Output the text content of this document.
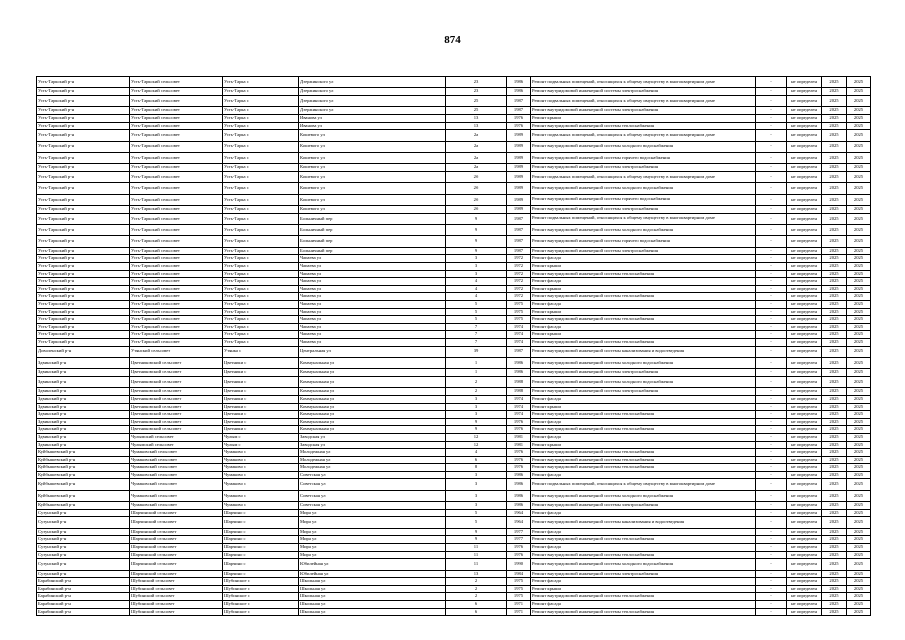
874
Усть-Таркский р-н	Усть-Таркский сельсовет	Усть-Тарка с	Дзержинского ул	23	1986	Ремонт подвальных помещений, относящихся к общему имуществу в многоквартирном доме	-	не определен	2025	2025
Усть-Таркский р-н	Усть-Таркский сельсовет	Усть-Тарка с	Дзержинского ул	23	1986	Ремонт внутридомовой инженерной системы электроснабжения	-	не определен	2025	2025
Усть-Таркский р-н	Усть-Таркский сельсовет	Усть-Тарка с	Дзержинского ул	25	1987	Ремонт подвальных помещений, относящихся к общему имуществу в многоквартирном доме	-	не определен	2025	2025
Усть-Таркский р-н	Усть-Таркский сельсовет	Усть-Тарка с	Дзержинского ул	25	1987	Ремонт внутридомовой инженерной системы электроснабжения	-	не определен	2025	2025
Усть-Таркский р-н	Усть-Таркский сельсовет	Усть-Тарка с	Иванова ул	13	1976	Ремонт крыши	-	не определен	2025	2025
Усть-Таркский р-н	Усть-Таркский сельсовет	Усть-Тарка с	Иванова ул	13	1976	Ремонт внутридомовой инженерной системы теплоснабжения	-	не определен	2025	2025
Усть-Таркский р-н	Усть-Таркский сельсовет	Усть-Тарка с	Кошевого ул	2а	1989	Ремонт подвальных помещений, относящихся к общему имуществу в многоквартирном доме	-	не определен	2025	2025
Усть-Таркский р-н	Усть-Таркский сельсовет	Усть-Тарка с	Кошевого ул	2а	1989	Ремонт внутридомовой инженерной системы холодного водоснабжения	-	не определен	2025	2025
Усть-Таркский р-н	Усть-Таркский сельсовет	Усть-Тарка с	Кошевого ул	2а	1989	Ремонт внутридомовой инженерной системы горячего водоснабжения	-	не определен	2025	2025
Усть-Таркский р-н	Усть-Таркский сельсовет	Усть-Тарка с	Кошевого ул	2а	1989	Ремонт внутридомовой инженерной системы электроснабжения	-	не определен	2025	2025
Усть-Таркский р-н	Усть-Таркский сельсовет	Усть-Тарка с	Кошевого ул	2б	1989	Ремонт подвальных помещений, относящихся к общему имуществу в многоквартирном доме	-	не определен	2025	2025
Усть-Таркский р-н	Усть-Таркский сельсовет	Усть-Тарка с	Кошевого ул	2б	1989	Ремонт внутридомовой инженерной системы холодного водоснабжения	-	не определен	2025	2025
Усть-Таркский р-н	Усть-Таркский сельсовет	Усть-Тарка с	Кошевого ул	2б	1989	Ремонт внутридомовой инженерной системы горячего водоснабжения	-	не определен	2025	2025
Усть-Таркский р-н	Усть-Таркский сельсовет	Усть-Тарка с	Кошевого ул	2б	1989	Ремонт внутридомовой инженерной системы электроснабжения	-	не определен	2025	2025
Усть-Таркский р-н	Усть-Таркский сельсовет	Усть-Тарка с	Больничный пер	9	1987	Ремонт подвальных помещений, относящихся к общему имуществу в многоквартирном доме	-	не определен	2025	2025
Усть-Таркский р-н	Усть-Таркский сельсовет	Усть-Тарка с	Больничный пер	9	1987	Ремонт внутридомовой инженерной системы холодного водоснабжения	-	не определен	2025	2025
Усть-Таркский р-н	Усть-Таркский сельсовет	Усть-Тарка с	Больничный пер	9	1987	Ремонт внутридомовой инженерной системы горячего водоснабжения	-	не определен	2025	2025
Усть-Таркский р-н	Усть-Таркский сельсовет	Усть-Тарка с	Больничный пер	9	1987	Ремонт внутридомовой инженерной системы электроснабжения	-	не определен	2025	2025
Усть-Таркский р-н	Усть-Таркский сельсовет	Усть-Тарка с	Чапаева ул	3	1972	Ремонт фасада	-	не определен	2025	2025
Усть-Таркский р-н	Усть-Таркский сельсовет	Усть-Тарка с	Чапаева ул	3	1972	Ремонт крыши	-	не определен	2025	2025
Усть-Таркский р-н	Усть-Таркский сельсовет	Усть-Тарка с	Чапаева ул	3	1972	Ремонт внутридомовой инженерной системы теплоснабжения	-	не определен	2025	2025
Усть-Таркский р-н	Усть-Таркский сельсовет	Усть-Тарка с	Чапаева ул	4	1972	Ремонт фасада	-	не определен	2025	2025
Усть-Таркский р-н	Усть-Таркский сельсовет	Усть-Тарка с	Чапаева ул	4	1972	Ремонт крыши	-	не определен	2025	2025
Усть-Таркский р-н	Усть-Таркский сельсовет	Усть-Тарка с	Чапаева ул	4	1972	Ремонт внутридомовой инженерной системы теплоснабжения	-	не определен	2025	2025
Усть-Таркский р-н	Усть-Таркский сельсовет	Усть-Тарка с	Чапаева ул	5	1975	Ремонт фасада	-	не определен	2025	2025
Усть-Таркский р-н	Усть-Таркский сельсовет	Усть-Тарка с	Чапаева ул	5	1975	Ремонт крыши	-	не определен	2025	2025
Усть-Таркский р-н	Усть-Таркский сельсовет	Усть-Тарка с	Чапаева ул	5	1975	Ремонт внутридомовой инженерной системы теплоснабжения	-	не определен	2025	2025
Усть-Таркский р-н	Усть-Таркский сельсовет	Усть-Тарка с	Чапаева ул	7	1974	Ремонт фасада	-	не определен	2025	2025
Усть-Таркский р-н	Усть-Таркский сельсовет	Усть-Тарка с	Чапаева ул	7	1974	Ремонт крыши	-	не определен	2025	2025
Усть-Таркский р-н	Усть-Таркский сельсовет	Усть-Тарка с	Чапаева ул	7	1974	Ремонт внутридомовой инженерной системы теплоснабжения	-	не определен	2025	2025
Доволенский р-н	Утянский сельсовет	Утянка с	Центральная ул	39	1987	Ремонт внутридомовой инженерной системы канализования и водоотведения	-	не определен	2025	2025
Здвинский р-н	Цветниковский сельсовет	Цветники с	Коммунальная ул	1	1986	Ремонт внутридомовой инженерной системы холодного водоснабжения	-	не определен	2025	2025
Здвинский р-н	Цветниковский сельсовет	Цветники с	Коммунальная ул	1	1986	Ремонт внутридомовой инженерной системы электроснабжения	-	не определен	2025	2025
Здвинский р-н	Цветниковский сельсовет	Цветники с	Коммунальная ул	2	1988	Ремонт внутридомовой инженерной системы холодного водоснабжения	-	не определен	2025	2025
Здвинский р-н	Цветниковский сельсовет	Цветники с	Коммунальная ул	2	1988	Ремонт внутридомовой инженерной системы электроснабжения	-	не определен	2025	2025
Здвинский р-н	Цветниковский сельсовет	Цветники с	Коммунальная ул	3	1974	Ремонт фасада	-	не определен	2025	2025
Здвинский р-н	Цветниковский сельсовет	Цветники с	Коммунальная ул	3	1974	Ремонт крыши	-	не определен	2025	2025
Здвинский р-н	Цветниковский сельсовет	Цветники с	Коммунальная ул	3	1974	Ремонт внутридомовой инженерной системы теплоснабжения	-	не определен	2025	2025
Здвинский р-н	Цветниковский сельсовет	Цветники с	Коммунальная ул	9	1976	Ремонт фасада	-	не определен	2025	2025
Здвинский р-н	Цветниковский сельсовет	Цветники с	Коммунальная ул	9	1976	Ремонт внутридомовой инженерной системы теплоснабжения	-	не определен	2025	2025
Здвинский р-н	Чулымский сельсовет	Чулым с	Заводская ул	12	1981	Ремонт фасада	-	не определен	2025	2025
Здвинский р-н	Чулымский сельсовет	Чулым с	Заводская ул	12	1981	Ремонт крыши	-	не определен	2025	2025
Куйбышевский р-н	Чумаковский сельсовет	Чумаково с	Молодежная ул	4	1976	Ремонт внутридомовой инженерной системы теплоснабжения	-	не определен	2025	2025
Куйбышевский р-н	Чумаковский сельсовет	Чумаково с	Молодежная ул	6	1976	Ремонт внутридомовой инженерной системы теплоснабжения	-	не определен	2025	2025
Куйбышевский р-н	Чумаковский сельсовет	Чумаково с	Молодежная ул	8	1976	Ремонт внутридомовой инженерной системы теплоснабжения	-	не определен	2025	2025
Куйбышевский р-н	Чумаковский сельсовет	Чумаково с	Советская ул	3	1986	Ремонт фасада	-	не определен	2025	2025
Куйбышевский р-н	Чумаковский сельсовет	Чумаково с	Советская ул	3	1986	Ремонт подвальных помещений, относящихся к общему имуществу в многоквартирном доме	-	не определен	2025	2025
Куйбышевский р-н	Чумаковский сельсовет	Чумаково с	Советская ул	3	1986	Ремонт внутридомовой инженерной системы холодного водоснабжения	-	не определен	2025	2025
Куйбышевский р-н	Чумаковский сельсовет	Чумаково с	Советская ул	3	1986	Ремонт внутридомовой инженерной системы электроснабжения	-	не определен	2025	2025
Сузунский р-н	Шарчинский сельсовет	Шарчино с	Мира ул	5	1964	Ремонт фасада	-	не определен	2025	2025
Сузунский р-н	Шарчинский сельсовет	Шарчино с	Мира ул	5	1964	Ремонт внутридомовой инженерной системы канализования и водоотведения	-	не определен	2025	2025
Сузунский р-н	Шарчинский сельсовет	Шарчино с	Мира ул	9	1977	Ремонт фасада	-	не определен	2025	2025
Сузунский р-н	Шарчинский сельсовет	Шарчино с	Мира ул	9	1977	Ремонт внутридомовой инженерной системы теплоснабжения	-	не определен	2025	2025
Сузунский р-н	Шарчинский сельсовет	Шарчино с	Мира ул	11	1976	Ремонт фасада	-	не определен	2025	2025
Сузунский р-н	Шарчинский сельсовет	Шарчино с	Мира ул	11	1976	Ремонт внутридомовой инженерной системы теплоснабжения	-	не определен	2025	2025
Сузунский р-н	Шарчинский сельсовет	Шарчино с	Юбилейная ул	11	1990	Ремонт внутридомовой инженерной системы холодного водоснабжения	-	не определен	2025	2025
Сузунский р-н	Шарчинский сельсовет	Шарчино с	Юбилейная ул	13	1984	Ремонт внутридомовой инженерной системы электроснабжения	-	не определен	2025	2025
Барабинский р-н	Шубинский сельсовет	Шубинское с	Школьная ул	2	1975	Ремонт фасада	-	не определен	2025	2025
Барабинский р-н	Шубинский сельсовет	Шубинское с	Школьная ул	2	1975	Ремонт крыши	-	не определен	2025	2025
Барабинский р-н	Шубинский сельсовет	Шубинское с	Школьная ул	2	1975	Ремонт внутридомовой инженерной системы теплоснабжения	-	не определен	2025	2025
Барабинский р-н	Шубинский сельсовет	Шубинское с	Школьная ул	6	1971	Ремонт фасада	-	не определен	2025	2025
Барабинский р-н	Шубинский сельсовет	Шубинское с	Школьная ул	6	1971	Ремонт внутридомовой инженерной системы теплоснабжения	-	не определен	2025	2025
